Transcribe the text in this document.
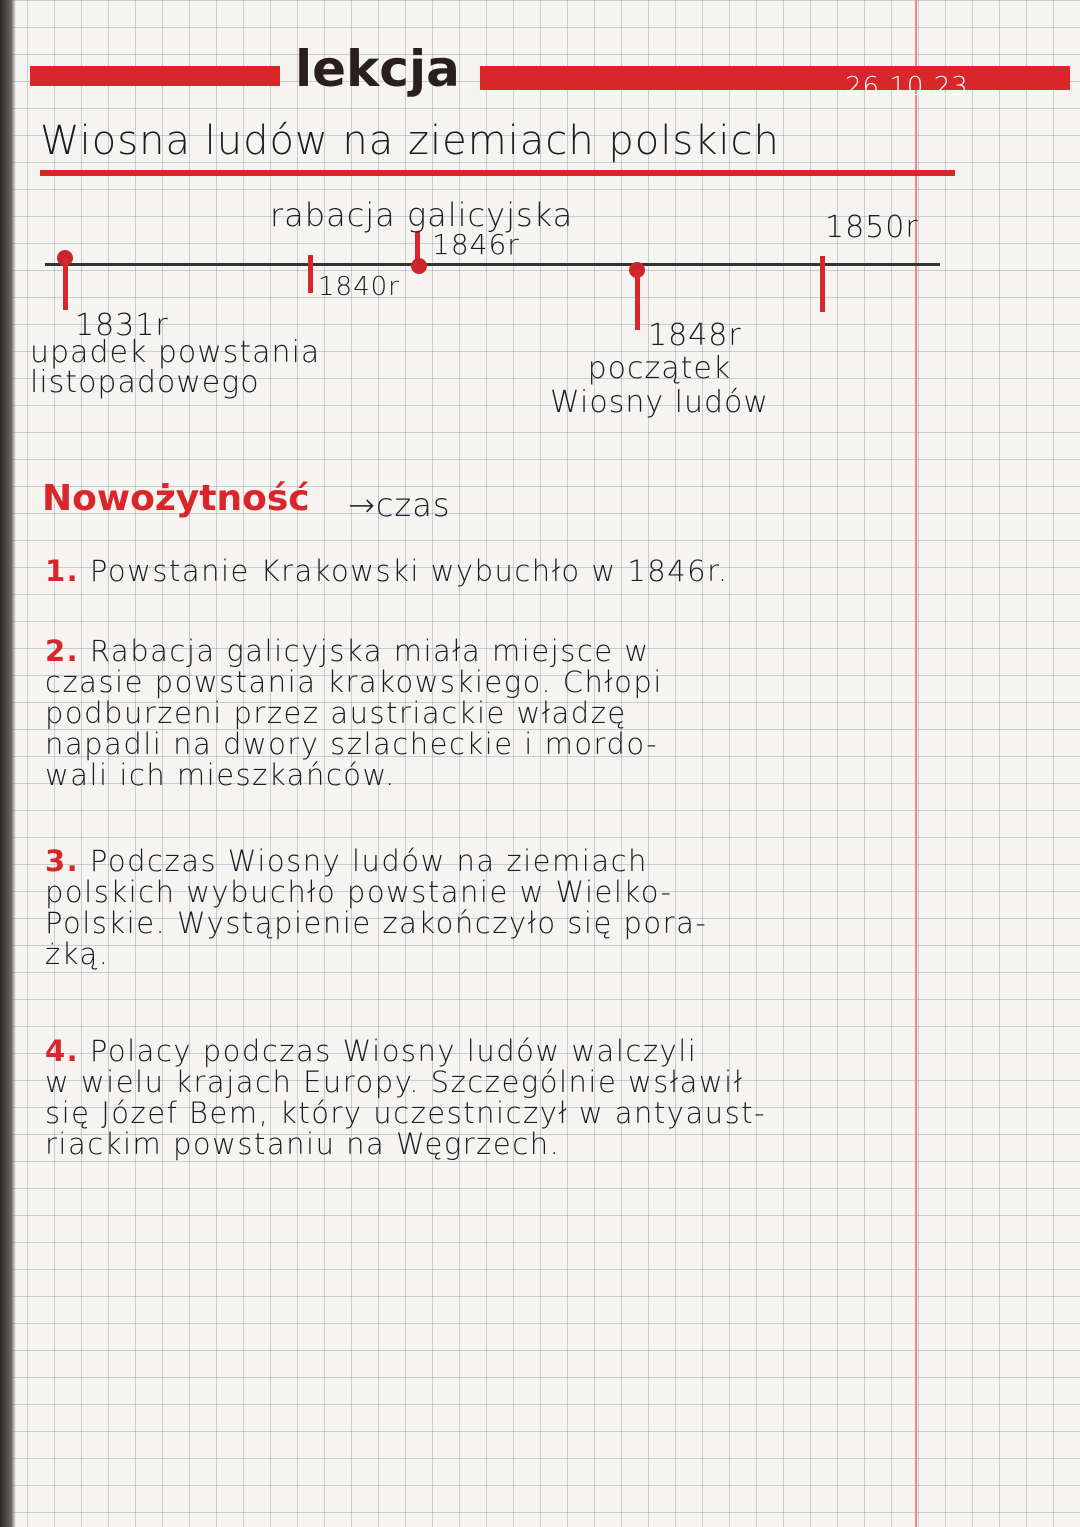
lekcja	26.10.23
Wiosna ludów na ziemiach polskich
rabacja galicyjska
1846r	1850r
1840r
1831r
upadek powstania
listopadowego
1848r
początek
Wiosny ludów
Nowożytność →czas
1. Powstanie Krakowski wybuchło w 1846r.
2. Rabacja galicyjska miała miejsce w
czasie powstania krakowskiego. Chłopi
podburzeni przez austriackie władzę
napadli na dwory szlacheckie i mordo-
wali ich mieszkańców.
3. Podczas Wiosny ludów na ziemiach
polskich wybuchło powstanie w Wielko-
Polskie. Wystąpienie zakończyło się pora-
żką.
4. Polacy podczas Wiosny ludów walczyli
w wielu krajach Europy. Szczególnie wsławił
się Józef Bem, który uczestniczył w antyaust-
riackim powstaniu na Węgrzech.
